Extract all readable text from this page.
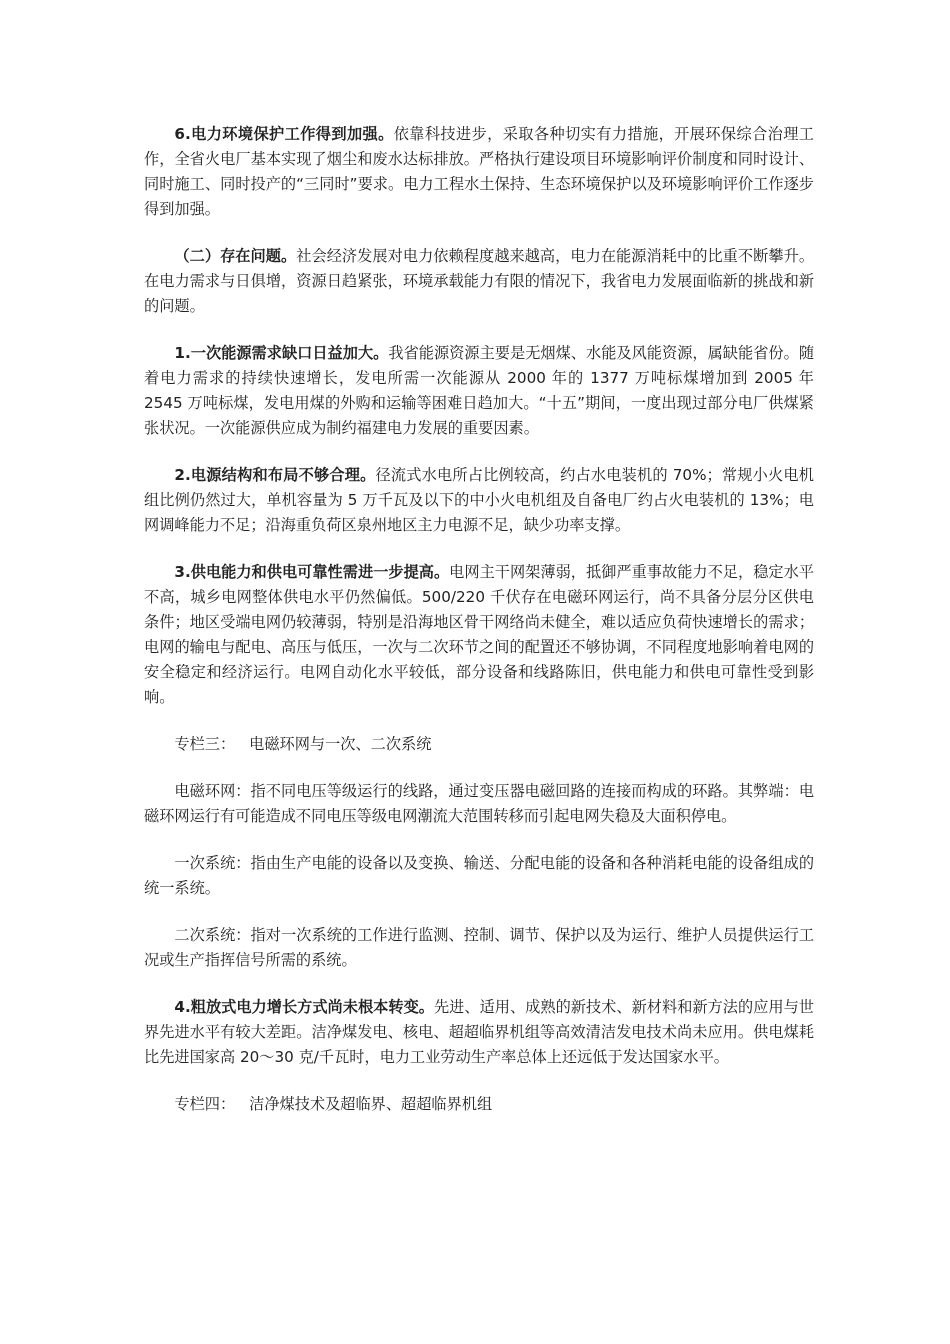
6.电力环境保护工作得到加强。依靠科技进步，采取各种切实有力措施，开展环保综合治理工作，全省火电厂基本实现了烟尘和废水达标排放。严格执行建设项目环境影响评价制度和同时设计、同时施工、同时投产的“三同时”要求。电力工程水土保持、生态环境保护以及环境影响评价工作逐步得到加强。

（二）存在问题。社会经济发展对电力依赖程度越来越高，电力在能源消耗中的比重不断攀升。在电力需求与日俱增，资源日趋紧张，环境承载能力有限的情况下，我省电力发展面临新的挑战和新的问题。

1.一次能源需求缺口日益加大。我省能源资源主要是无烟煤、水能及风能资源，属缺能省份。随着电力需求的持续快速增长，发电所需一次能源从 2000 年的 1377 万吨标煤增加到 2005 年 2545 万吨标煤，发电用煤的外购和运输等困难日趋加大。“十五”期间，一度出现过部分电厂供煤紧张状况。一次能源供应成为制约福建电力发展的重要因素。

2.电源结构和布局不够合理。径流式水电所占比例较高，约占水电装机的 70%；常规小火电机组比例仍然过大，单机容量为 5 万千瓦及以下的中小火电机组及自备电厂约占火电装机的 13%；电网调峰能力不足；沿海重负荷区泉州地区主力电源不足，缺少功率支撑。

3.供电能力和供电可靠性需进一步提高。电网主干网架薄弱，抵御严重事故能力不足，稳定水平不高，城乡电网整体供电水平仍然偏低。500/220 千伏存在电磁环网运行，尚不具备分层分区供电条件；地区受端电网仍较薄弱，特别是沿海地区骨干网络尚未健全，难以适应负荷快速增长的需求；电网的输电与配电、高压与低压，一次与二次环节之间的配置还不够协调，不同程度地影响着电网的安全稳定和经济运行。电网自动化水平较低，部分设备和线路陈旧，供电能力和供电可靠性受到影响。

专栏三： 电磁环网与一次、二次系统

电磁环网：指不同电压等级运行的线路，通过变压器电磁回路的连接而构成的环路。其弊端：电磁环网运行有可能造成不同电压等级电网潮流大范围转移而引起电网失稳及大面积停电。

一次系统：指由生产电能的设备以及变换、输送、分配电能的设备和各种消耗电能的设备组成的统一系统。

二次系统：指对一次系统的工作进行监测、控制、调节、保护以及为运行、维护人员提供运行工况或生产指挥信号所需的系统。

4.粗放式电力增长方式尚未根本转变。先进、适用、成熟的新技术、新材料和新方法的应用与世界先进水平有较大差距。洁净煤发电、核电、超超临界机组等高效清洁发电技术尚未应用。供电煤耗比先进国家高 20～30 克/千瓦时，电力工业劳动生产率总体上还远低于发达国家水平。

专栏四： 洁净煤技术及超临界、超超临界机组
